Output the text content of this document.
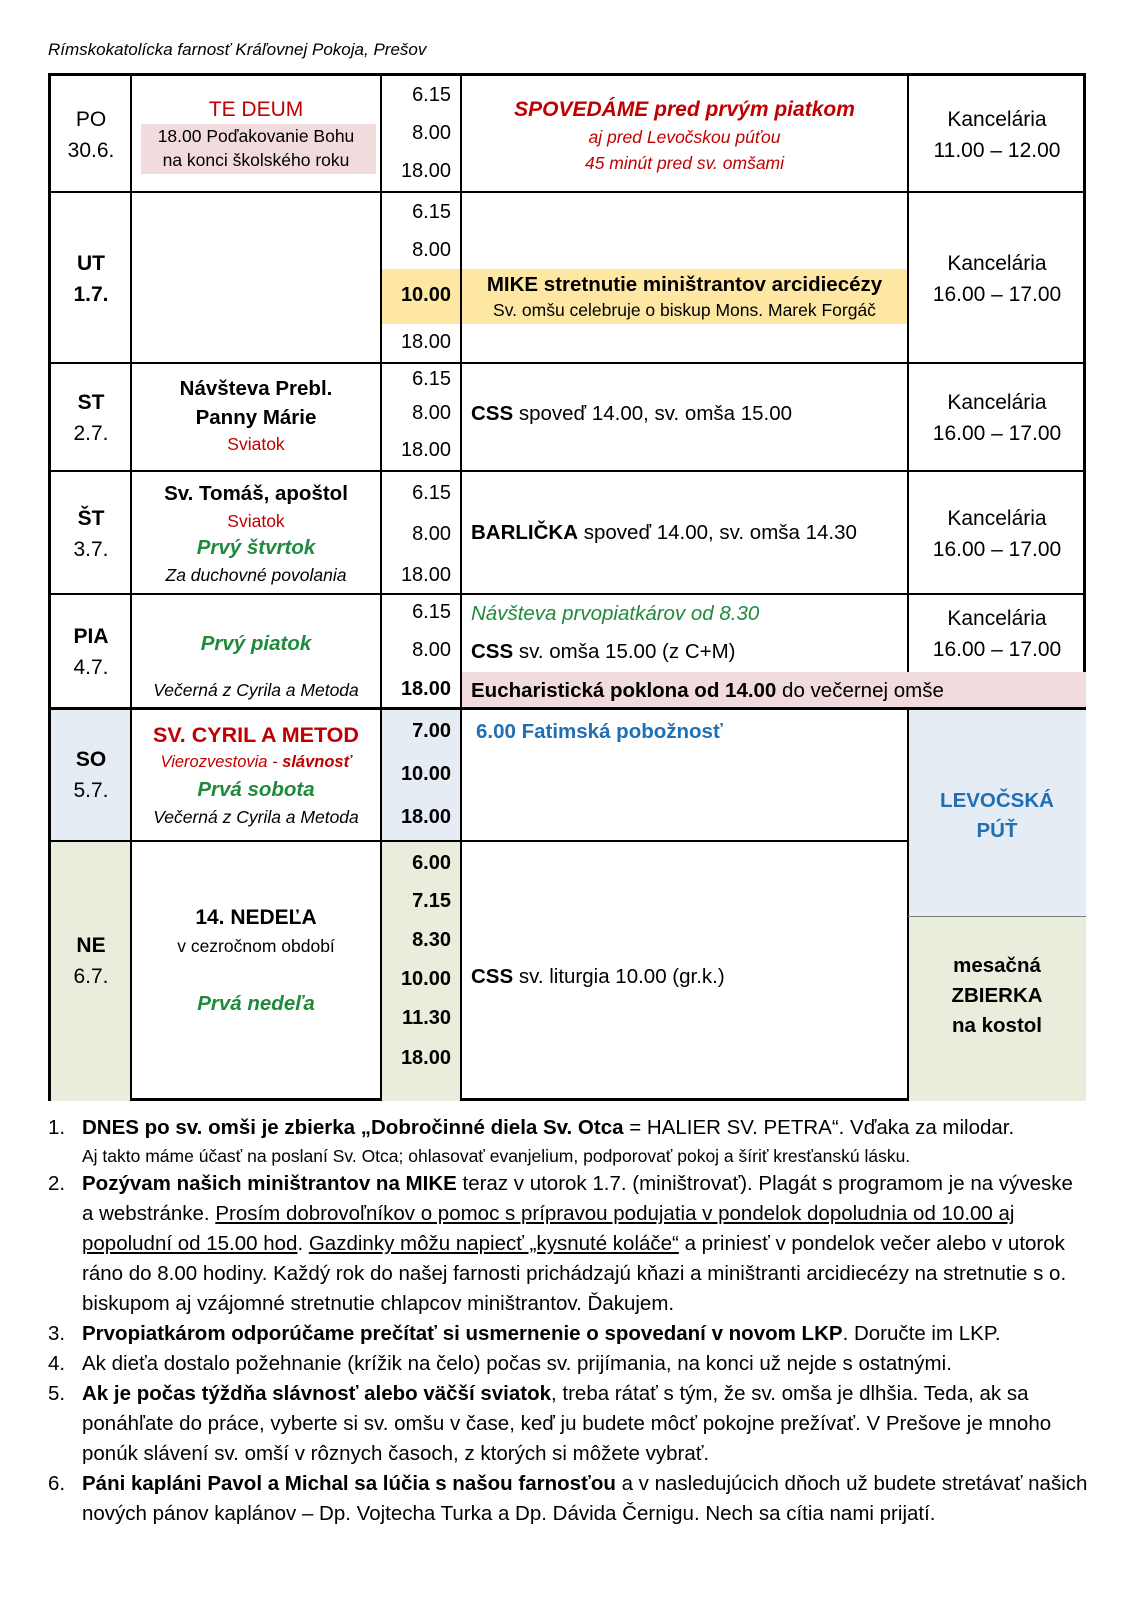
Rímskokatolícka farnosť Kráľovnej Pokoja, Prešov
PO
30.6.
TE DEUM
18.00 Poďakovanie Bohu
na konci školského roku
6.15
8.00
18.00
SPOVEDÁME pred prvým piatkom
aj pred Levočskou púťou
45 minút pred sv. omšami
Kancelária
11.00 – 12.00
UT
1.7.
6.15
8.00
10.00
18.00
MIKE stretnutie miništrantov arcidiecézy
Sv. omšu celebruje o biskup Mons. Marek Forgáč
Kancelária
16.00 – 17.00
ST
2.7.
Návšteva Prebl.
Panny Márie
Sviatok
6.15
8.00
18.00
CSS spoveď 14.00, sv. omša 15.00	Kancelária
16.00 – 17.00
ŠT
3.7.
Sv. Tomáš, apoštol
Sviatok
Prvý štvrtok
Za duchovné povolania
6.15
8.00
18.00
BARLIČKA spoveď 14.00, sv. omša 14.30
Kancelária
16.00 – 17.00
PIA
4.7.
Prvý piatok
Večerná z Cyrila a Metoda
6.15
8.00
18.00
Návšteva prvopiatkárov od 8.30
CSS sv. omša 15.00 (z C+M)
Eucharistická poklona od 14.00 do večernej omše
Kancelária
16.00 – 17.00
SO
5.7.
SV. CYRIL A METOD
Vierozvestovia - slávnosť
Prvá sobota
Večerná z Cyrila a Metoda
7.00
10.00
18.00
6.00 Fatimská pobožnosť
LEVOČSKÁ
PÚŤ
NE
6.7.
14. NEDEĽA
v cezročnom období
Prvá nedeľa
6.00
7.15
8.30
10.00
11.30
18.00
CSS sv. liturgia 10.00 (gr.k.)	mesačná
ZBIERKA
na kostol

1. DNES po sv. omši je zbierka „Dobročinné diela Sv. Otca = HALIER SV. PETRA“. Vďaka za milodar.
Aj takto máme účasť na poslaní Sv. Otca; ohlasovať evanjelium, podporovať pokoj a šíriť kresťanskú lásku.

2. Pozývam našich miništrantov na MIKE teraz v utorok 1.7. (miništrovať). Plagát s programom je na výveske a webstránke. Prosím dobrovoľníkov o pomoc s prípravou podujatia v pondelok dopoludnia od 10.00 aj popoludní od 15.00 hod. Gazdinky môžu napiecť „kysnuté koláče“ a priniesť v pondelok večer alebo v utorok ráno do 8.00 hodiny. Každý rok do našej farnosti prichádzajú kňazi a miništranti arcidiecézy na stretnutie s o. biskupom aj vzájomné stretnutie chlapcov miništrantov. Ďakujem.

3. Prvopiatkárom odporúčame prečítať si usmernenie o spovedaní v novom LKP. Doručte im LKP.

4. Ak dieťa dostalo požehnanie (krížik na čelo) počas sv. prijímania, na konci už nejde s ostatnými.

5. Ak je počas týždňa slávnosť alebo väčší sviatok, treba rátať s tým, že sv. omša je dlhšia. Teda, ak sa ponáhľate do práce, vyberte si sv. omšu v čase, keď ju budete môcť pokojne prežívať. V Prešove je mnoho ponúk slávení sv. omší v rôznych časoch, z ktorých si môžete vybrať.

6. Páni kapláni Pavol a Michal sa lúčia s našou farnosťou a v nasledujúcich dňoch už budete stretávať našich nových pánov kaplánov – Dp. Vojtecha Turka a Dp. Dávida Černigu. Nech sa cítia nami prijatí.
